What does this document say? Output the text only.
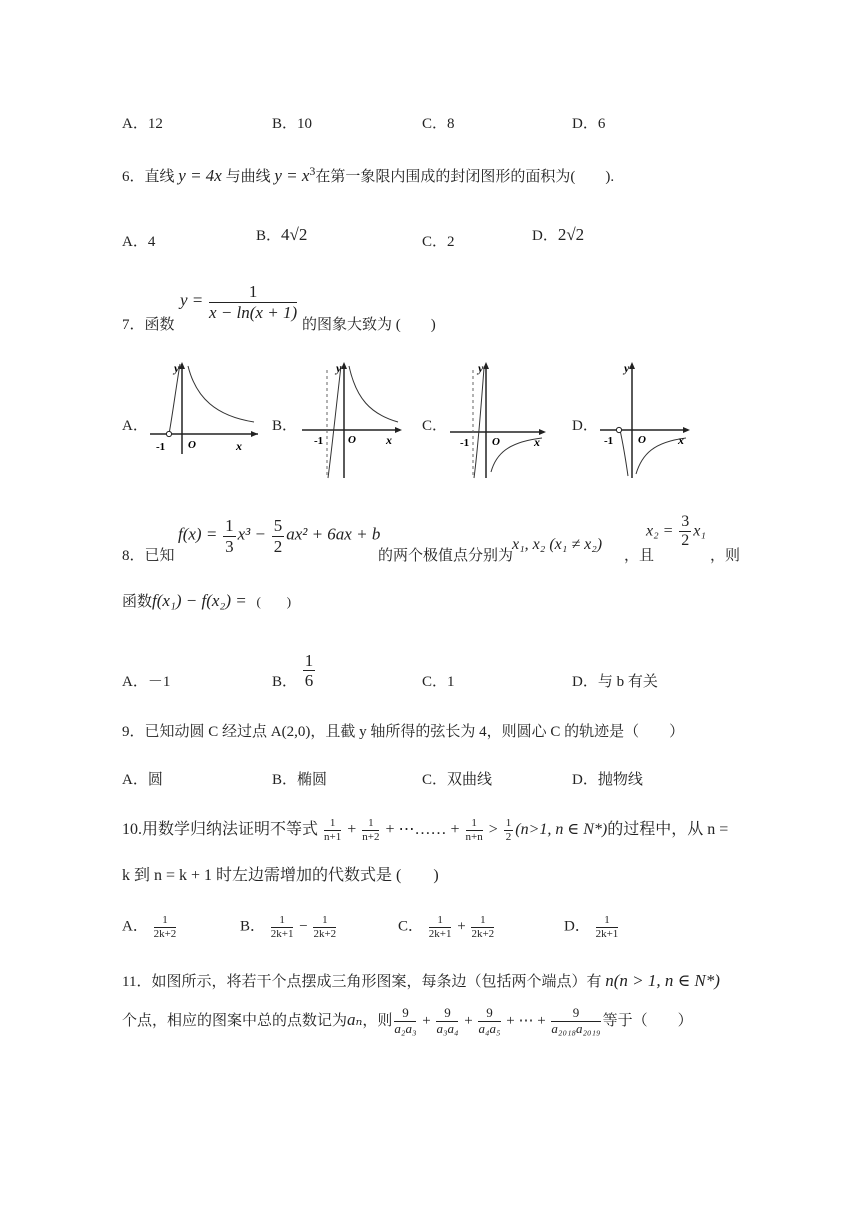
A．12	B．10	C．8	D．6
6．直线 y = 4x 与曲线 $y = x^3$在第一象限内围成的封闭图形的面积为(　　).
A．4	B．4√2	C．2	D．2√2
7．函数
$y = \frac{1}{x - \ln(x + 1)}$
的图象大致为 (　　)
A．	B．	C．	D．
y
O	x
-1
y
O	x
-1
y
O	x
-1
y
O	x
-1
8．已知
$f(x) = \frac{1}{3} x^3 - \frac{5}{2} ax^2 + 6ax + b$
的两个极值点分别为
x₁, x₂ (x₁ ≠ x₂)
，且
$x_2 = \frac{3}{2} x_1$
，则
函数f(x₁) − f(x₂) = (　　)
A．－1	B． $\frac{1}{6}$	C．1	D．与 b 有关
9．已知动圆 C 经过点 A(2,0)，且截 y 轴所得的弦长为 4，则圆心 C 的轨迹是（　　）
A．圆	B．椭圆	C．双曲线	D．抛物线
10.用数学归纳法证明不等式 $\frac{1}{n+1} + \frac{1}{n+2}$ + ⋯…… + $\frac{1}{n+n} > \frac{1}{2} (n>1$, n ∈ N*)的过程中，从 n =
k 到 n = k + 1 时左边需增加的代数式是 (　　)
A． $\frac{1}{2k+2}$	B． $\frac{1}{2k+1} - \frac{1}{2k+2}$	C． $\frac{1}{2k+1} + \frac{1}{2k+2}$	D． $\frac{1}{2k+1}$
11．如图所示，将若干个点摆成三角形图案，每条边（包括两个端点）有 n(n > 1, n ∈ N*)
个点，相应的图案中总的点数记为aₙ，则 $\frac{9}{\text{a₂a₃}} + \frac{9}{\text{a₃a₄}} + \frac{9}{\text{a₄a₅}}$ + ⋯ + $\frac{9}{\text{a₂₀₁₈a₂₀₁₉}}$ 等于（　　）
